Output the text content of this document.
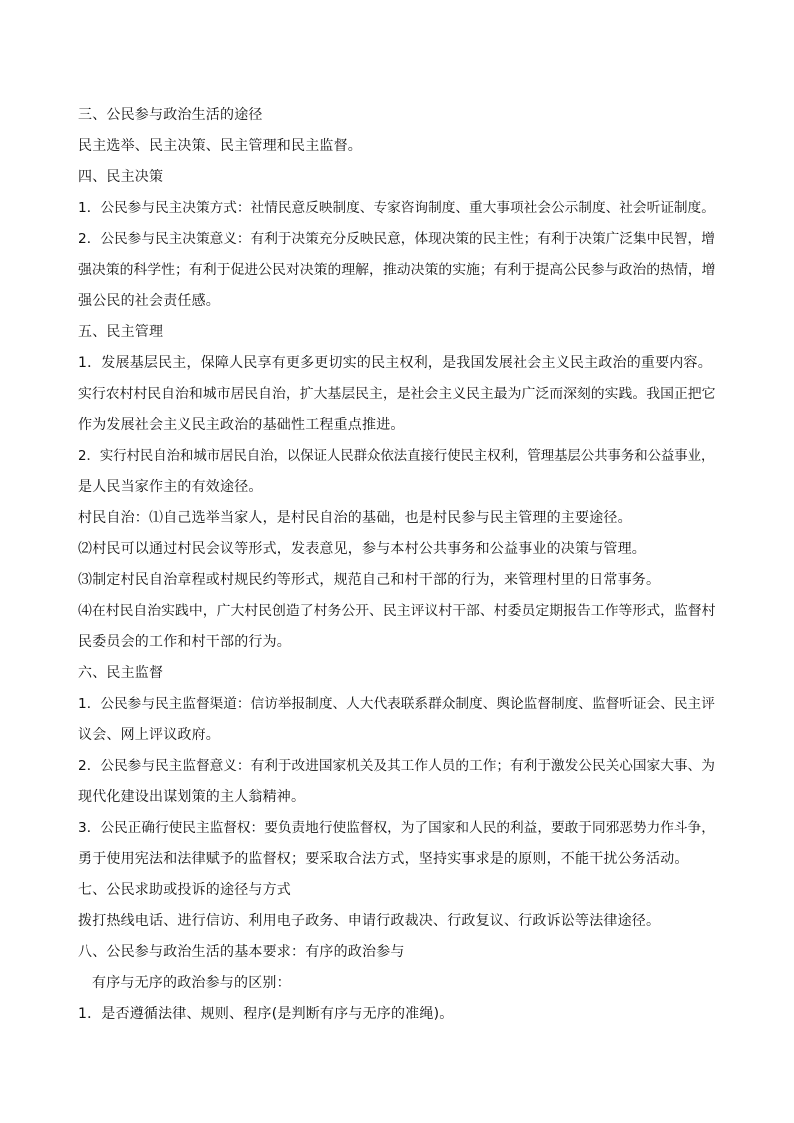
三、公民参与政治生活的途径
民主选举、民主决策、民主管理和民主监督。
四、民主决策
1．公民参与民主决策方式：社情民意反映制度、专家咨询制度、重大事项社会公示制度、社会听证制度。
2．公民参与民主决策意义：有利于决策充分反映民意，体现决策的民主性；有利于决策广泛集中民智，增
强决策的科学性；有利于促进公民对决策的理解，推动决策的实施；有利于提高公民参与政治的热情，增
强公民的社会责任感。
五、民主管理
1．发展基层民主，保障人民享有更多更切实的民主权利，是我国发展社会主义民主政治的重要内容。
实行农村村民自治和城市居民自治，扩大基层民主，是社会主义民主最为广泛而深刻的实践。我国正把它
作为发展社会主义民主政治的基础性工程重点推进。
2．实行村民自治和城市居民自治，以保证人民群众依法直接行使民主权利，管理基层公共事务和公益事业，
是人民当家作主的有效途径。
村民自治：⑴自己选举当家人，是村民自治的基础，也是村民参与民主管理的主要途径。
⑵村民可以通过村民会议等形式，发表意见，参与本村公共事务和公益事业的决策与管理。
⑶制定村民自治章程或村规民约等形式，规范自己和村干部的行为，来管理村里的日常事务。
⑷在村民自治实践中，广大村民创造了村务公开、民主评议村干部、村委员定期报告工作等形式，监督村
民委员会的工作和村干部的行为。
六、民主监督
1．公民参与民主监督渠道：信访举报制度、人大代表联系群众制度、舆论监督制度、监督听证会、民主评
议会、网上评议政府。
2．公民参与民主监督意义：有利于改进国家机关及其工作人员的工作；有利于激发公民关心国家大事、为
现代化建设出谋划策的主人翁精神。
3．公民正确行使民主监督权：要负责地行使监督权，为了国家和人民的利益，要敢于同邪恶势力作斗争，
勇于使用宪法和法律赋予的监督权；要采取合法方式，坚持实事求是的原则，不能干扰公务活动。
七、公民求助或投诉的途径与方式
拨打热线电话、进行信访、利用电子政务、申请行政裁决、行政复议、行政诉讼等法律途径。
八、公民参与政治生活的基本要求：有序的政治参与
有序与无序的政治参与的区别：
1．是否遵循法律、规则、程序(是判断有序与无序的准绳)。
